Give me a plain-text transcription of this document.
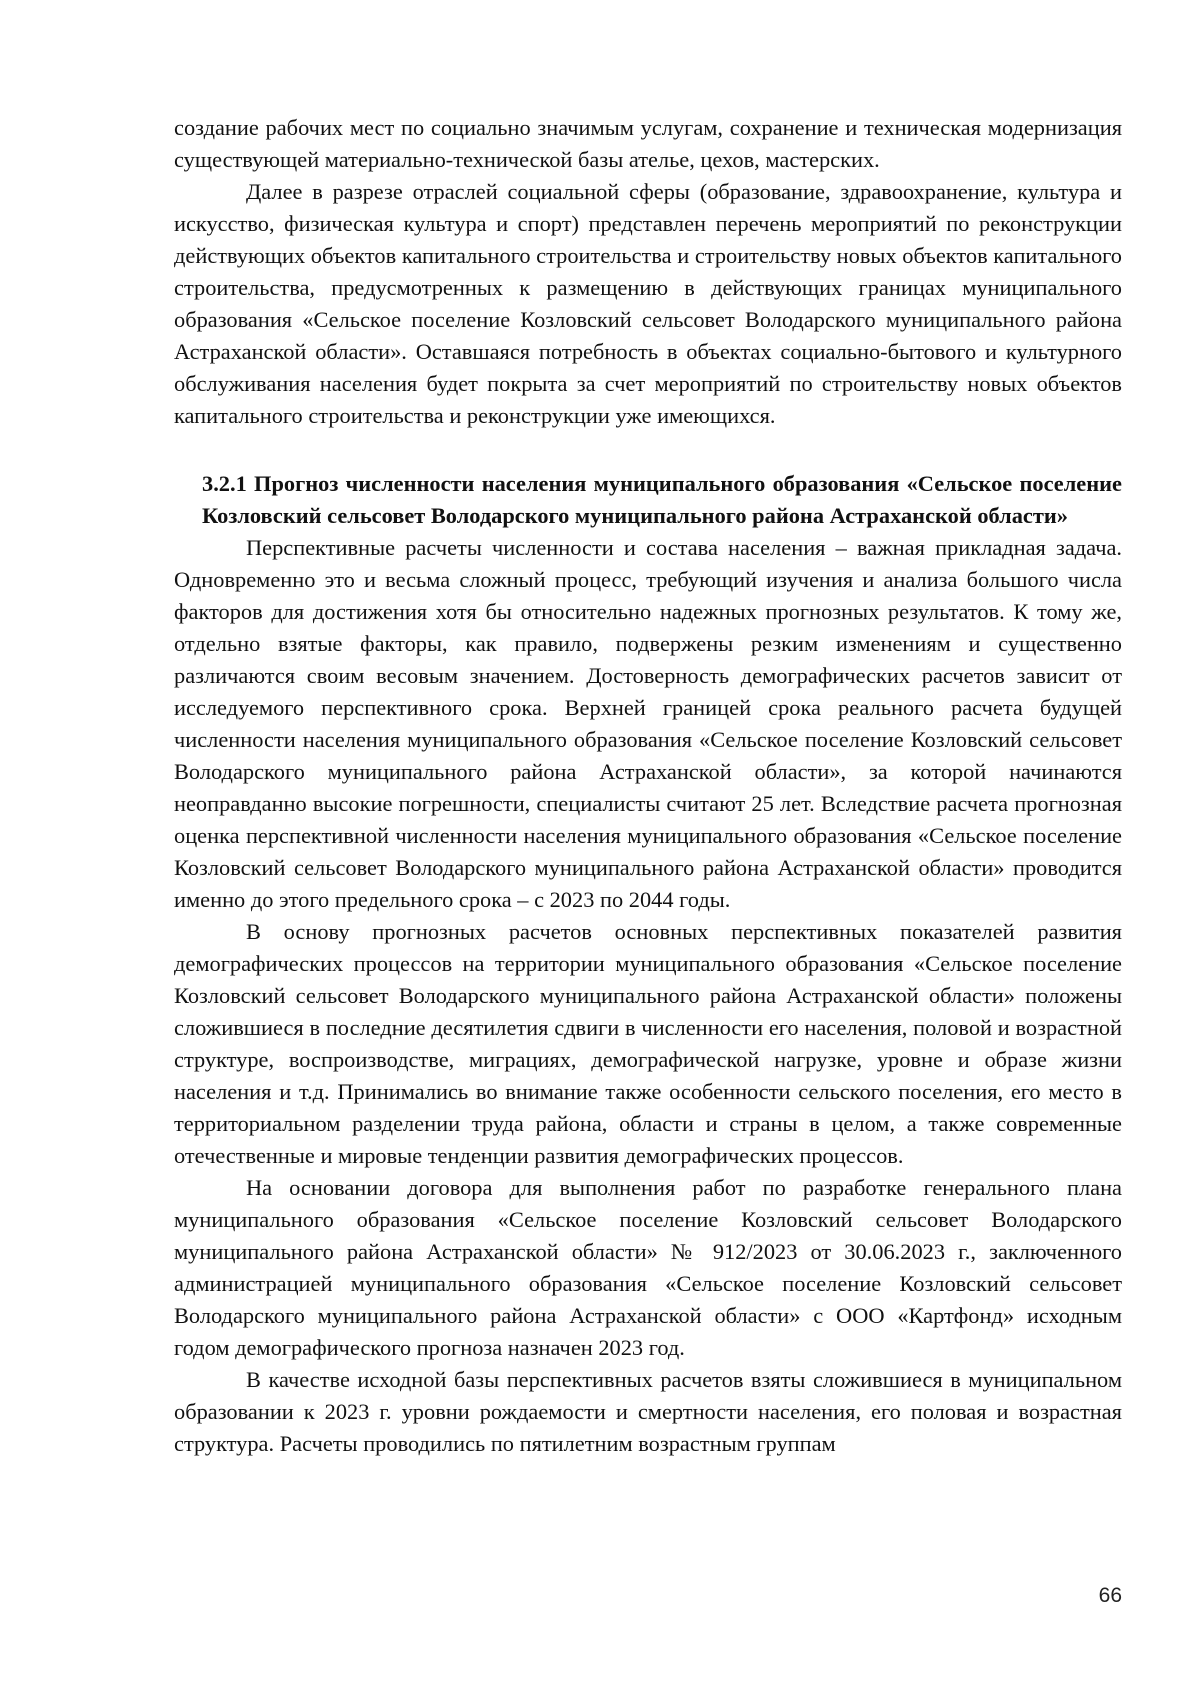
создание рабочих мест по социально значимым услугам, сохранение и техническая модернизация существующей материально-технической базы ателье, цехов, мастерских.

Далее в разрезе отраслей социальной сферы (образование, здравоохранение, культура и искусство, физическая культура и спорт) представлен перечень мероприятий по реконструкции действующих объектов капитального строительства и строительству новых объектов капитального строительства, предусмотренных к размещению в действующих границах муниципального образования «Сельское поселение Козловский сельсовет Володарского муниципального района Астраханской области». Оставшаяся потребность в объектах социально-бытового и культурного обслуживания населения будет покрыта за счет мероприятий по строительству новых объектов капитального строительства и реконструкции уже имеющихся.

3.2.1 Прогноз численности населения муниципального образования «Сельское поселение Козловский сельсовет Володарского муниципального района Астраханской области»

Перспективные расчеты численности и состава населения – важная прикладная задача. Одновременно это и весьма сложный процесс, требующий изучения и анализа большого числа факторов для достижения хотя бы относительно надежных прогнозных результатов. К тому же, отдельно взятые факторы, как правило, подвержены резким изменениям и существенно различаются своим весовым значением. Достоверность демографических расчетов зависит от исследуемого перспективного срока. Верхней границей срока реального расчета будущей численности населения муниципального образования «Сельское поселение Козловский сельсовет Володарского муниципального района Астраханской области», за которой начинаются неоправданно высокие погрешности, специалисты считают 25 лет. Вследствие расчета прогнозная оценка перспективной численности населения муниципального образования «Сельское поселение Козловский сельсовет Володарского муниципального района Астраханской области» проводится именно до этого предельного срока – с 2023 по 2044 годы.

В основу прогнозных расчетов основных перспективных показателей развития демографических процессов на территории муниципального образования «Сельское поселение Козловский сельсовет Володарского муниципального района Астраханской области» положены сложившиеся в последние десятилетия сдвиги в численности его населения, половой и возрастной структуре, воспроизводстве, миграциях, демографической нагрузке, уровне и образе жизни населения и т.д. Принимались во внимание также особенности сельского поселения, его место в территориальном разделении труда района, области и страны в целом, а также современные отечественные и мировые тенденции развития демографических процессов.

На основании договора для выполнения работ по разработке генерального плана муниципального образования «Сельское поселение Козловский сельсовет Володарского муниципального района Астраханской области» № 912/2023 от 30.06.2023 г., заключенного администрацией муниципального образования «Сельское поселение Козловский сельсовет Володарского муниципального района Астраханской области» с ООО «Картфонд» исходным годом демографического прогноза назначен 2023 год.

В качестве исходной базы перспективных расчетов взяты сложившиеся в муниципальном образовании к 2023 г. уровни рождаемости и смертности населения, его половая и возрастная структура. Расчеты проводились по пятилетним возрастным группам

66
